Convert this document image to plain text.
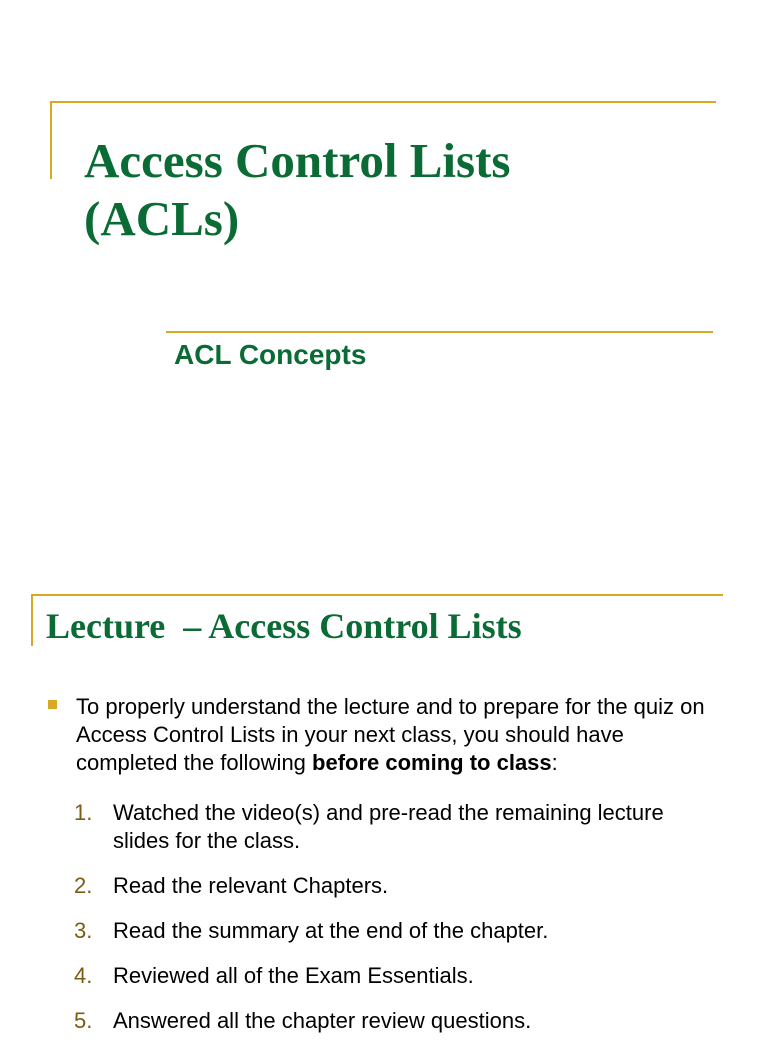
Access Control Lists
(ACLs)
ACL Concepts
Lecture  – Access Control Lists

To properly understand the lecture and to prepare for the quiz on Access Control Lists in your next class, you should have completed the following before coming to class:

1. Watched the video(s) and pre-read the remaining lecture slides for the class.
2. Read the relevant Chapters.
3. Read the summary at the end of the chapter.
4. Reviewed all of the Exam Essentials.
5. Answered all the chapter review questions.
